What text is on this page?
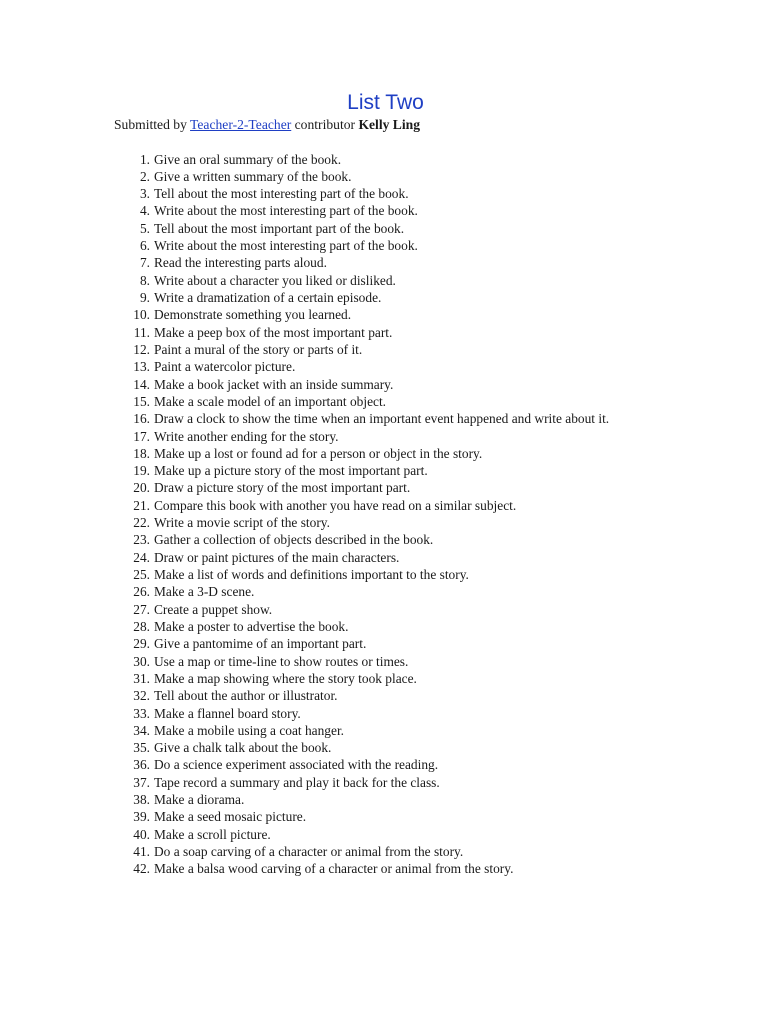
List Two
Submitted by Teacher-2-Teacher contributor Kelly Ling
1. Give an oral summary of the book.
2. Give a written summary of the book.
3. Tell about the most interesting part of the book.
4. Write about the most interesting part of the book.
5. Tell about the most important part of the book.
6. Write about the most interesting part of the book.
7. Read the interesting parts aloud.
8. Write about a character you liked or disliked.
9. Write a dramatization of a certain episode.
10. Demonstrate something you learned.
11. Make a peep box of the most important part.
12. Paint a mural of the story or parts of it.
13. Paint a watercolor picture.
14. Make a book jacket with an inside summary.
15. Make a scale model of an important object.
16. Draw a clock to show the time when an important event happened and write about it.
17. Write another ending for the story.
18. Make up a lost or found ad for a person or object in the story.
19. Make up a picture story of the most important part.
20. Draw a picture story of the most important part.
21. Compare this book with another you have read on a similar subject.
22. Write a movie script of the story.
23. Gather a collection of objects described in the book.
24. Draw or paint pictures of the main characters.
25. Make a list of words and definitions important to the story.
26. Make a 3-D scene.
27. Create a puppet show.
28. Make a poster to advertise the book.
29. Give a pantomime of an important part.
30. Use a map or time-line to show routes or times.
31. Make a map showing where the story took place.
32. Tell about the author or illustrator.
33. Make a flannel board story.
34. Make a mobile using a coat hanger.
35. Give a chalk talk about the book.
36. Do a science experiment associated with the reading.
37. Tape record a summary and play it back for the class.
38. Make a diorama.
39. Make a seed mosaic picture.
40. Make a scroll picture.
41. Do a soap carving of a character or animal from the story.
42. Make a balsa wood carving of a character or animal from the story.
